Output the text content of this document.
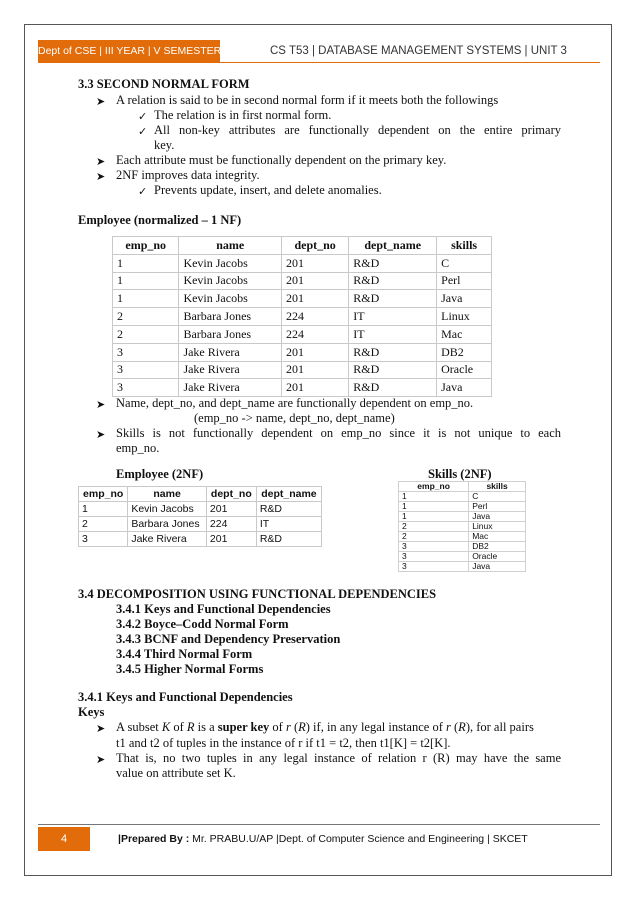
Dept of CSE | III YEAR | V SEMESTER	CS T53 | DATABASE MANAGEMENT SYSTEMS | UNIT 3
3.3 SECOND NORMAL FORM
➤ A relation is said to be in second normal form if it meets both the followings
✓ The relation is in first normal form.
✓ All non-key attributes are functionally dependent on the entire primary
key.
➤ Each attribute must be functionally dependent on the primary key.
➤ 2NF improves data integrity.
✓ Prevents update, insert, and delete anomalies.
Employee (normalized – 1 NF)
emp_no	name	dept_no	dept_name	skills
1	Kevin Jacobs	201	R&D	C
1	Kevin Jacobs	201	R&D	Perl
1	Kevin Jacobs	201	R&D	Java
2	Barbara Jones	224	IT	Linux
2	Barbara Jones	224	IT	Mac
3	Jake Rivera	201	R&D	DB2
3	Jake Rivera	201	R&D	Oracle
3	Jake Rivera	201	R&D	Java
➤ Name, dept_no, and dept_name are functionally dependent on emp_no.
(emp_no -> name, dept_no, dept_name)
➤ Skills is not functionally dependent on emp_no since it is not unique to each
emp_no.
Employee (2NF)	Skills (2NF)
emp_no	name	dept_no	dept_name
1	Kevin Jacobs	201	R&D
2	Barbara Jones	224	IT
3	Jake Rivera	201	R&D
emp_no	skills
1	C
1	Perl
1	Java
2	Linux
2	Mac
3	DB2
3	Oracle
3	Java
3.4 DECOMPOSITION USING FUNCTIONAL DEPENDENCIES
3.4.1 Keys and Functional Dependencies
3.4.2 Boyce–Codd Normal Form
3.4.3 BCNF and Dependency Preservation
3.4.4 Third Normal Form
3.4.5 Higher Normal Forms
3.4.1 Keys and Functional Dependencies
Keys
➤ A subset K of R is a super key of r (R) if, in any legal instance of r (R), for all pairs
t1 and t2 of tuples in the instance of r if t1 = t2, then t1[K] = t2[K].
➤ That is, no two tuples in any legal instance of relation r (R) may have the same
value on attribute set K.
4	|Prepared By : Mr. PRABU.U/AP |Dept. of Computer Science and Engineering | SKCET
